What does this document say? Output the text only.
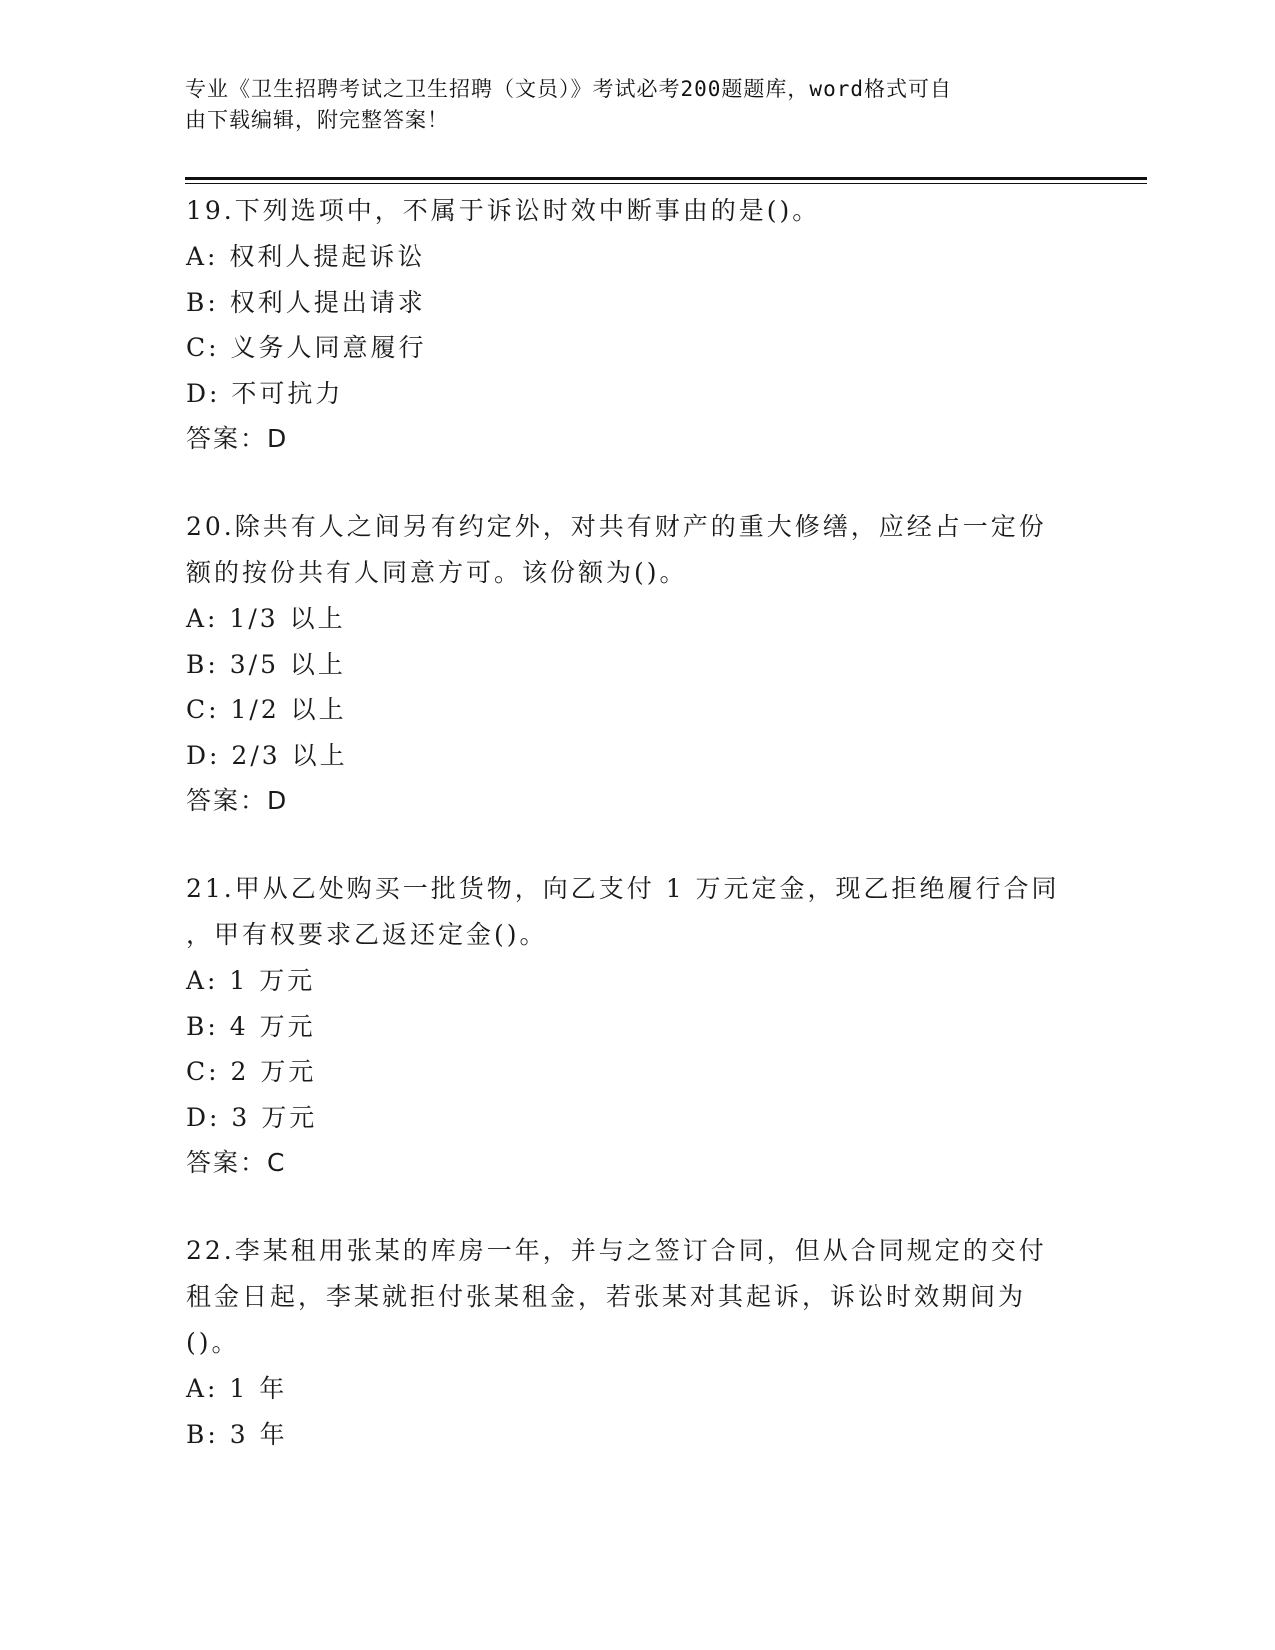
专业《卫生招聘考试之卫生招聘（文员）》考试必考200题题库，word格式可自
由下载编辑，附完整答案！
19.下列选项中，不属于诉讼时效中断事由的是()。
A: 权利人提起诉讼
B: 权利人提出请求
C: 义务人同意履行
D: 不可抗力
答案：D
20.除共有人之间另有约定外，对共有财产的重大修缮，应经占一定份
额的按份共有人同意方可。该份额为()。
A: 1/3 以上
B: 3/5 以上
C: 1/2 以上
D: 2/3 以上
答案：D
21.甲从乙处购买一批货物，向乙支付 1 万元定金，现乙拒绝履行合同
，甲有权要求乙返还定金()。
A: 1 万元
B: 4 万元
C: 2 万元
D: 3 万元
答案：C
22.李某租用张某的库房一年，并与之签订合同，但从合同规定的交付
租金日起，李某就拒付张某租金，若张某对其起诉，诉讼时效期间为
()。
A: 1 年
B: 3 年
